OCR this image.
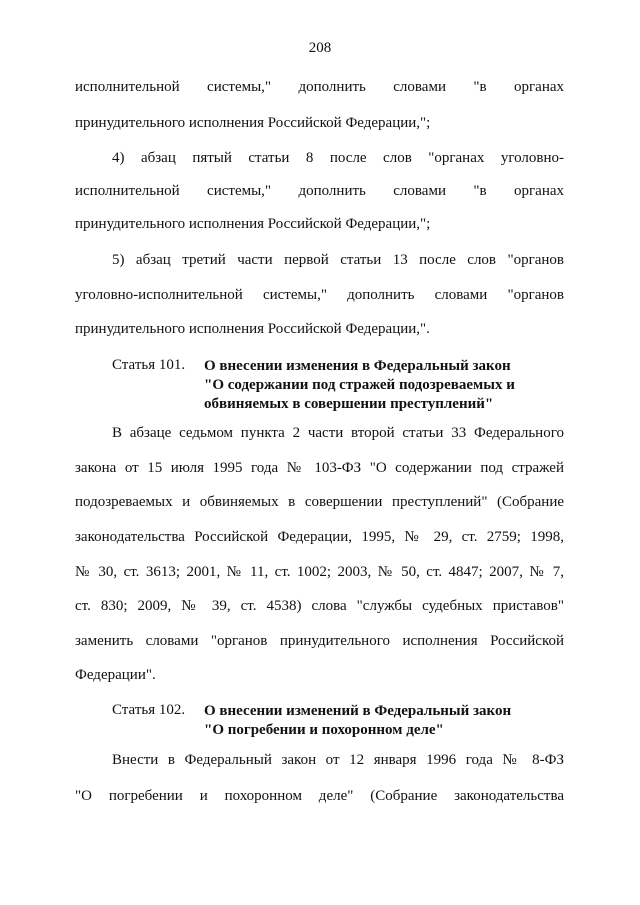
208
исполнительной системы," дополнить словами "в органах
принудительного исполнения Российской Федерации,";
4) абзац пятый статьи 8 после слов "органах уголовно-
исполнительной системы," дополнить словами "в органах
принудительного исполнения Российской Федерации,";
5) абзац третий части первой статьи 13 после слов "органов
уголовно-исполнительной системы," дополнить словами "органов
принудительного исполнения Российской Федерации,".
Статья 101. О внесении изменения в Федеральный закон
"О содержании под стражей подозреваемых и
обвиняемых в совершении преступлений"
В абзаце седьмом пункта 2 части второй статьи 33 Федерального
закона от 15 июля 1995 года № 103-ФЗ "О содержании под стражей
подозреваемых и обвиняемых в совершении преступлений" (Собрание
законодательства Российской Федерации, 1995, № 29, ст. 2759; 1998,
№ 30, ст. 3613; 2001, № 11, ст. 1002; 2003, № 50, ст. 4847; 2007, № 7,
ст. 830; 2009, № 39, ст. 4538) слова "службы судебных приставов"
заменить словами "органов принудительного исполнения Российской
Федерации".
Статья 102. О внесении изменений в Федеральный закон
"О погребении и похоронном деле"
Внести в Федеральный закон от 12 января 1996 года № 8-ФЗ
"О погребении и похоронном деле" (Собрание законодательства
